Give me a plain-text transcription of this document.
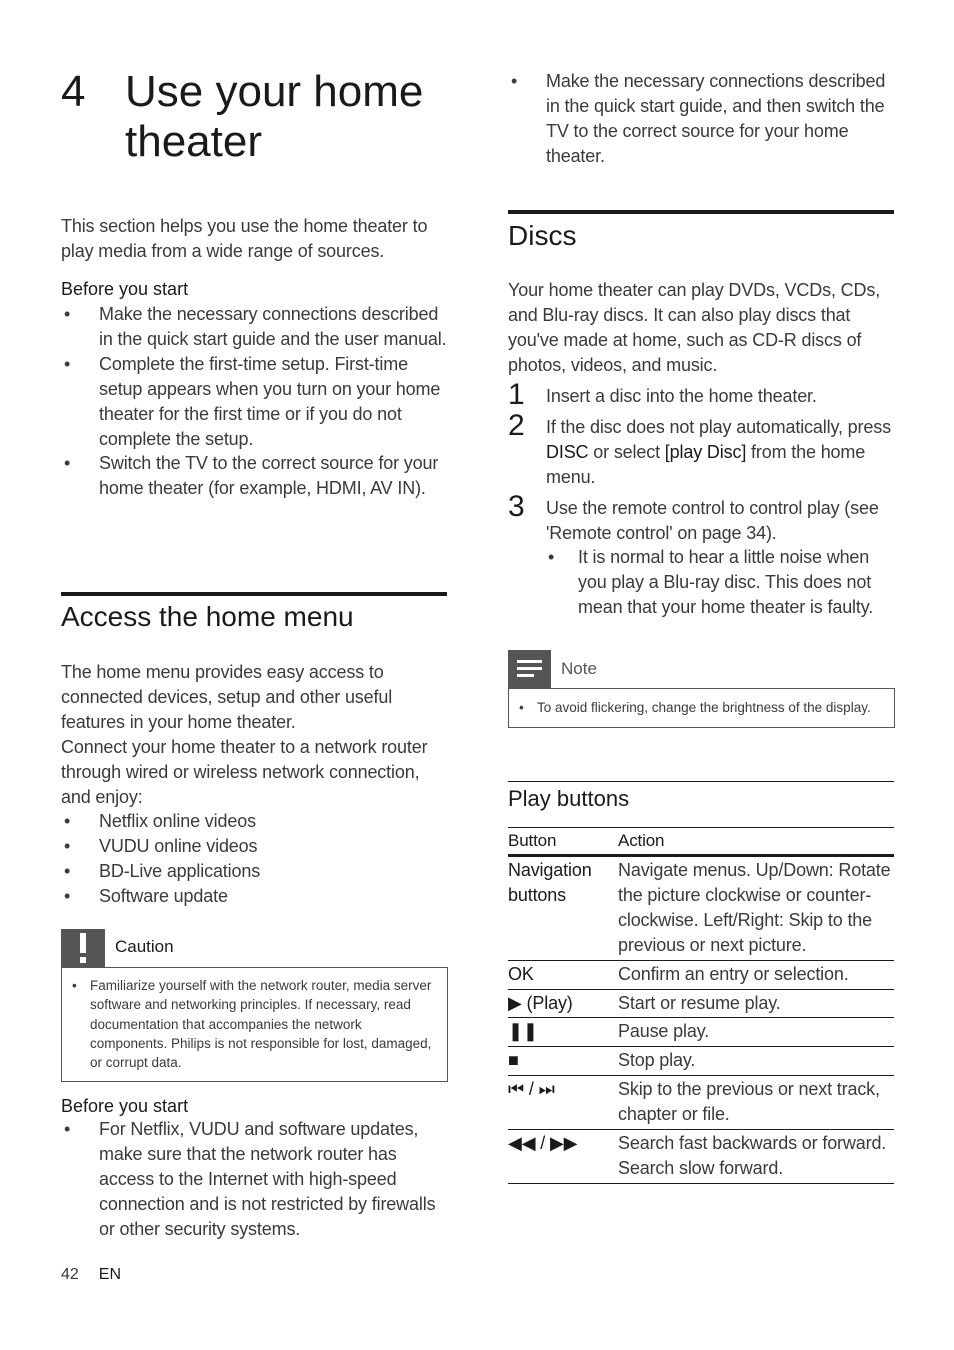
4 Use your home
theater

This section helps you use the home theater to play media from a wide range of sources.

Before you start
• Make the necessary connections described in the quick start guide and the user manual.
• Complete the first-time setup. First-time setup appears when you turn on your home theater for the first time or if you do not complete the setup.
• Switch the TV to the correct source for your home theater (for example, HDMI, AV IN).
Access the home menu

The home menu provides easy access to connected devices, setup and other useful features in your home theater.

Connect your home theater to a network router through wired or wireless network connection, and enjoy:

• Netflix online videos
• VUDU online videos
• BD-Live applications
• Software update
Caution
• Familiarize yourself with the network router, media server software and networking principles. If necessary, read documentation that accompanies the network components. Philips is not responsible for lost, damaged, or corrupt data.
Before you start
• For Netflix, VUDU and software updates, make sure that the network router has access to the Internet with high-speed connection and is not restricted by firewalls or other security systems.
• Make the necessary connections described in the quick start guide, and then switch the TV to the correct source for your home theater.
Discs

Your home theater can play DVDs, VCDs, CDs, and Blu-ray discs. It can also play discs that you've made at home, such as CD-R discs of photos, videos, and music.

1 Insert a disc into the home theater.
2 If the disc does not play automatically, press DISC or select [play Disc] from the home menu.
3 Use the remote control to control play (see 'Remote control' on page 34).
• It is normal to hear a little noise when you play a Blu-ray disc. This does not mean that your home theater is faulty.
Note
• To avoid flickering, change the brightness of the display.
Play buttons
Button	Action
Navigation buttons	Navigate menus. Up/Down: Rotate the picture clockwise or counter-clockwise. Left/Right: Skip to the previous or next picture.
OK	Confirm an entry or selection.
▶ (Play)	Start or resume play.
❚❚	Pause play.
■	Stop play.
⏮ / ⏭	Skip to the previous or next track, chapter or file.
◀◀ / ▶▶	Search fast backwards or forward. Search slow forward.
42 EN
